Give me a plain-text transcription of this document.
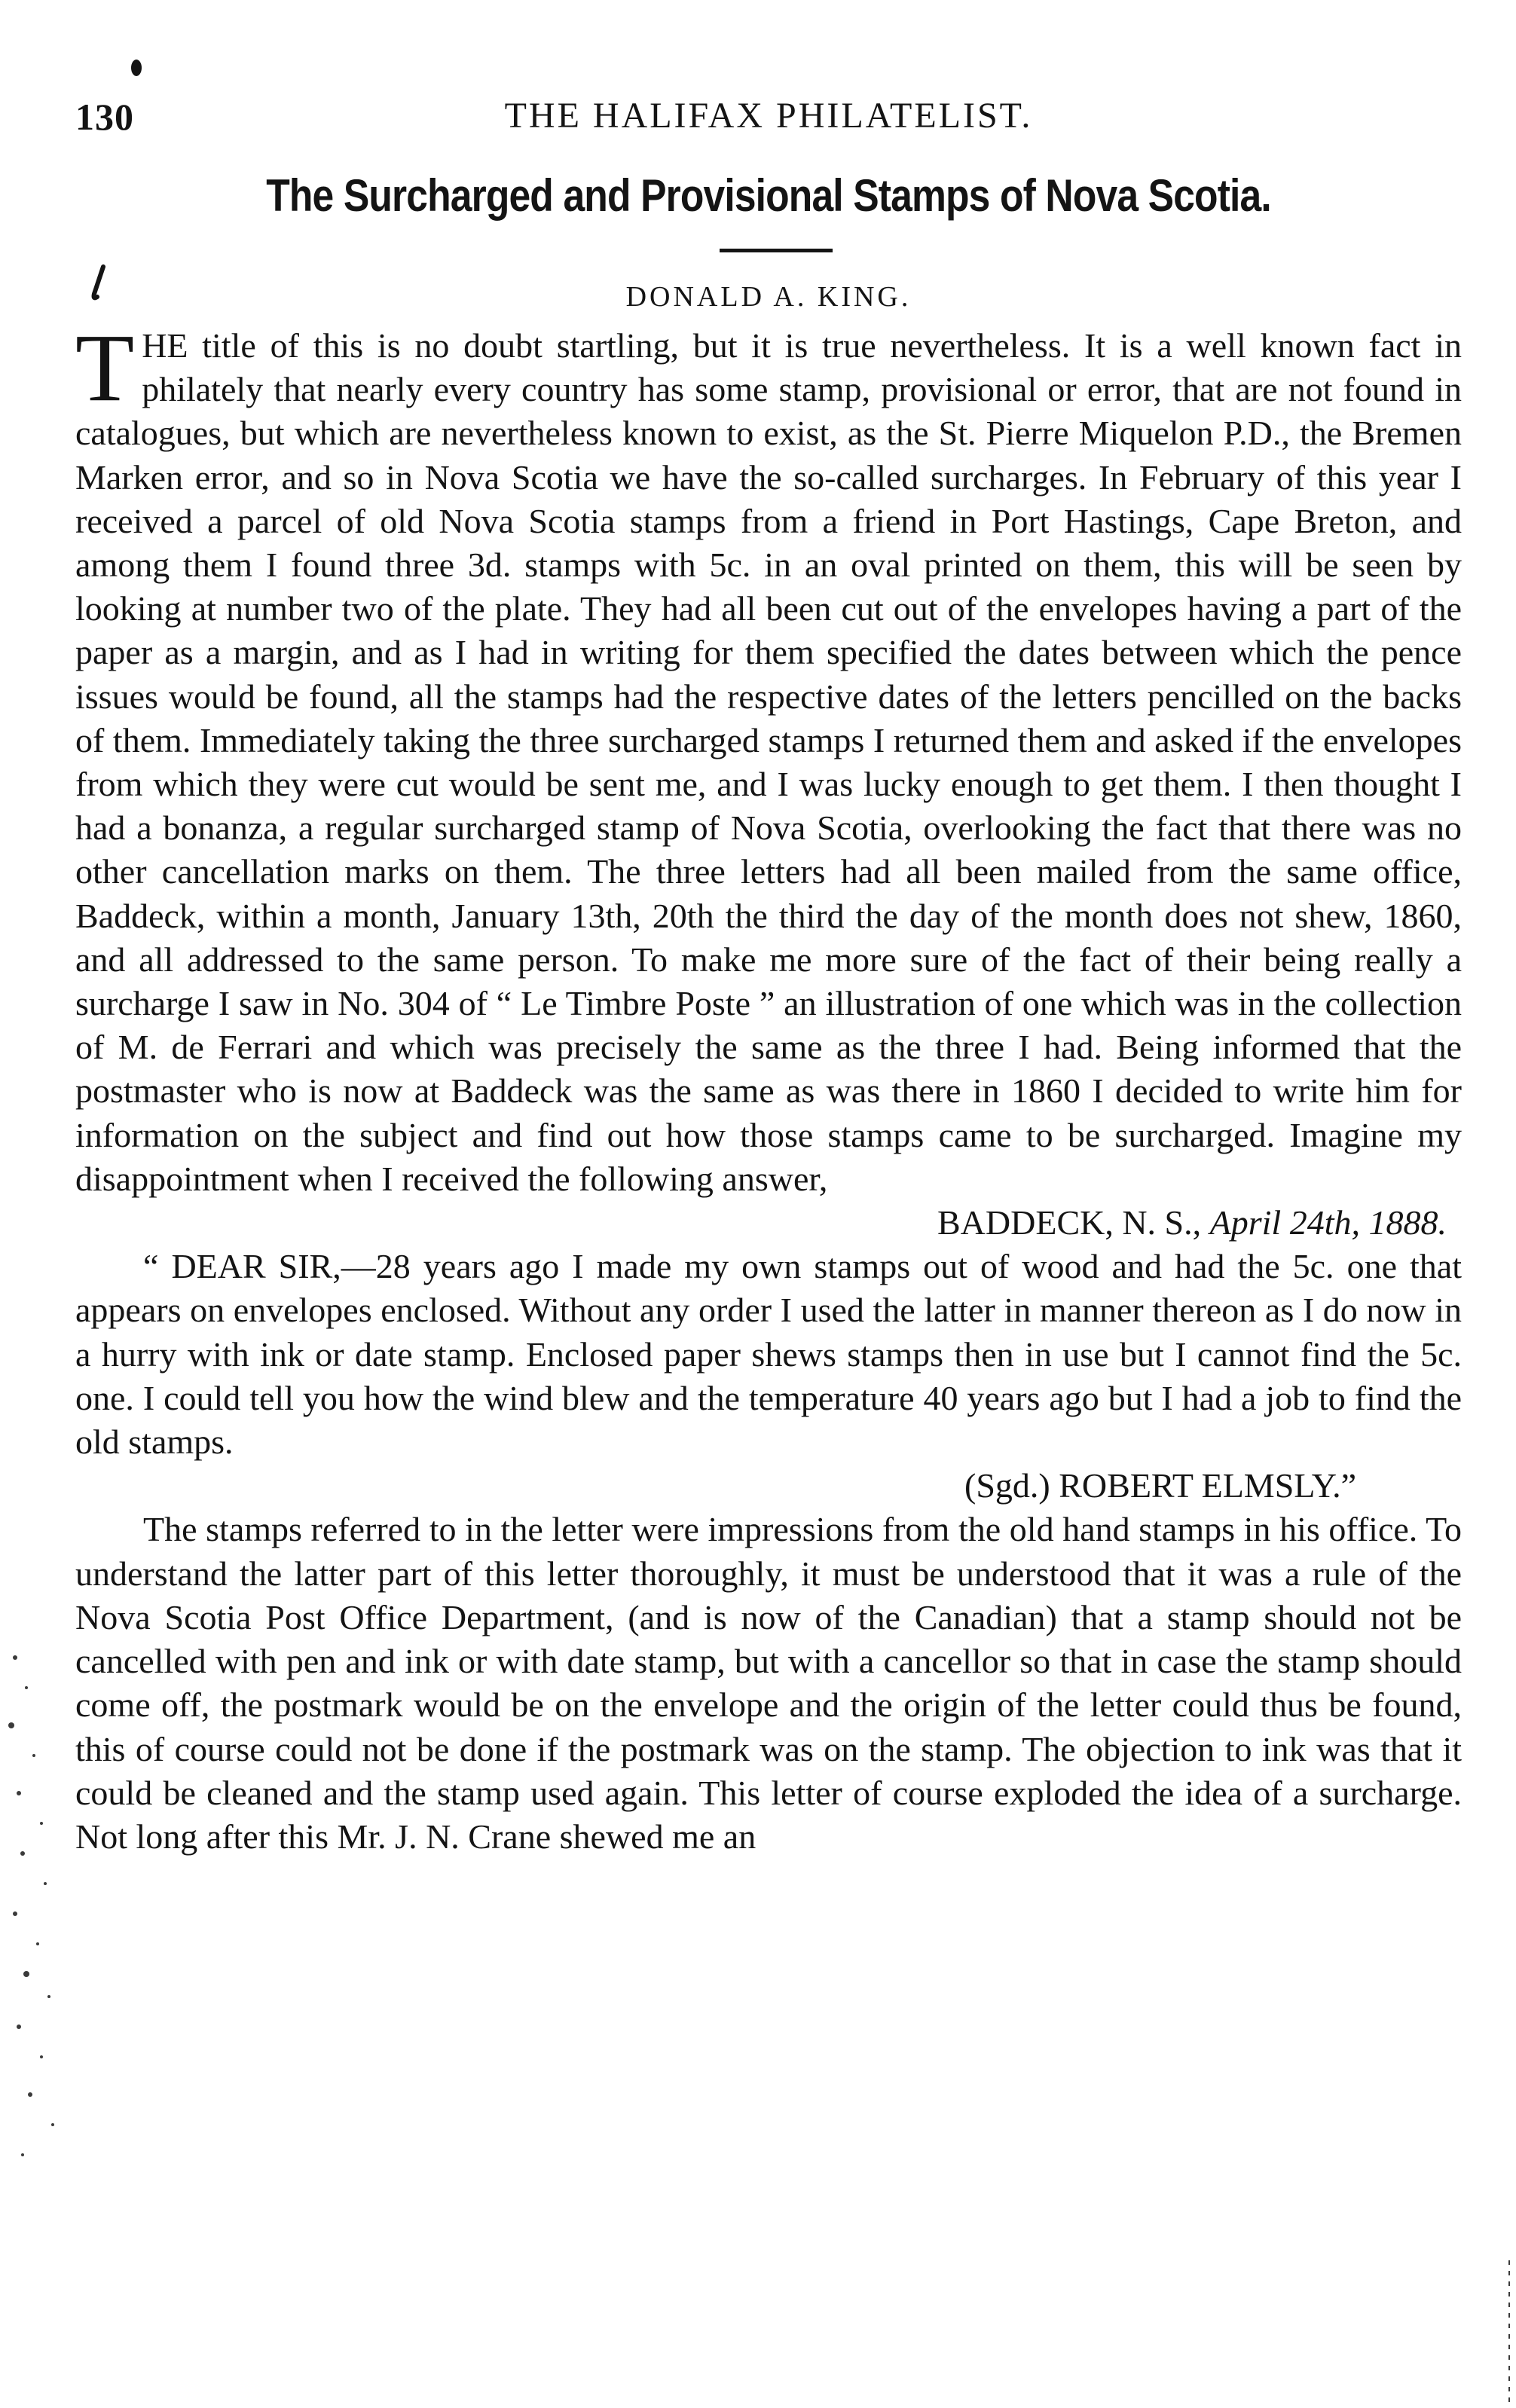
130	THE HALIFAX PHILATELIST.
The Surcharged and Provisional Stamps of Nova Scotia.
DONALD A. KING.

THE title of this is no doubt startling, but it is true nevertheless. It is a well known fact in philately that nearly every country has some stamp, provisional or error, that are not found in catalogues, but which are nevertheless known to exist, as the St. Pierre Miquelon P.D., the Bremen Marken error, and so in Nova Scotia we have the so-called surcharges. In February of this year I received a parcel of old Nova Scotia stamps from a friend in Port Hastings, Cape Breton, and among them I found three 3d. stamps with 5c. in an oval printed on them, this will be seen by looking at number two of the plate. They had all been cut out of the envelopes having a part of the paper as a margin, and as I had in writing for them specified the dates between which the pence issues would be found, all the stamps had the respective dates of the letters pencilled on the backs of them. Immediately taking the three surcharged stamps I returned them and asked if the envelopes from which they were cut would be sent me, and I was lucky enough to get them. I then thought I had a bonanza, a regular surcharged stamp of Nova Scotia, overlooking the fact that there was no other cancellation marks on them. The three letters had all been mailed from the same office, Baddeck, within a month, January 13th, 20th the third the day of the month does not shew, 1860, and all addressed to the same person. To make me more sure of the fact of their being really a surcharge I saw in No. 304 of “ Le Timbre Poste ” an illustration of one which was in the collection of M. de Ferrari and which was precisely the same as the three I had. Being informed that the postmaster who is now at Baddeck was the same as was there in 1860 I decided to write him for information on the subject and find out how those stamps came to be surcharged. Imagine my disappointment when I received the following answer,

BADDECK, N. S., April 24th, 1888.

“ DEAR SIR,—28 years ago I made my own stamps out of wood and had the 5c. one that appears on envelopes enclosed. Without any order I used the latter in manner thereon as I do now in a hurry with ink or date stamp. Enclosed paper shews stamps then in use but I cannot find the 5c. one. I could tell you how the wind blew and the temperature 40 years ago but I had a job to find the old stamps.

(Sgd.) ROBERT ELMSLY.”

The stamps referred to in the letter were impressions from the old hand stamps in his office. To understand the latter part of this letter thoroughly, it must be understood that it was a rule of the Nova Scotia Post Office Department, (and is now of the Canadian) that a stamp should not be cancelled with pen and ink or with date stamp, but with a cancellor so that in case the stamp should come off, the postmark would be on the envelope and the origin of the letter could thus be found, this of course could not be done if the postmark was on the stamp. The objection to ink was that it could be cleaned and the stamp used again. This letter of course exploded the idea of a surcharge. Not long after this Mr. J. N. Crane shewed me an
